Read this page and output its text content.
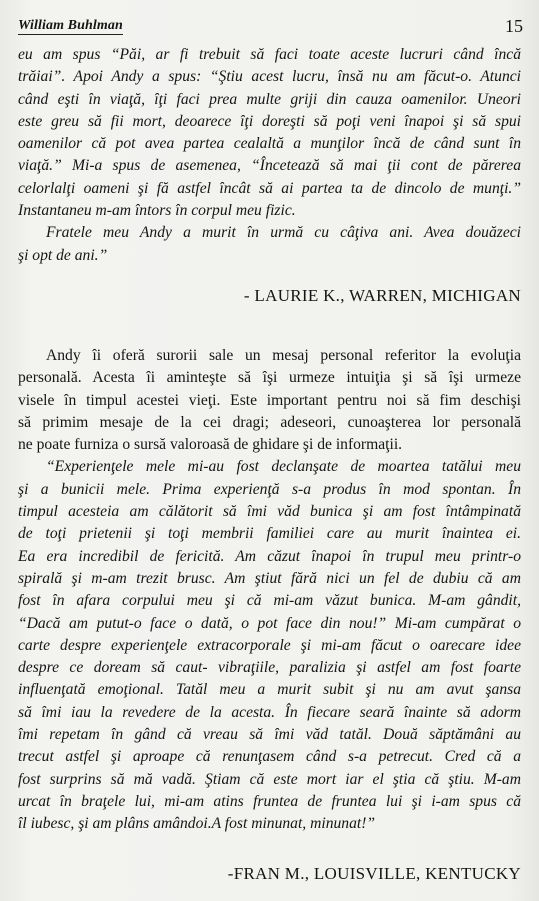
William Buhlman	15
eu am spus “Păi, ar fi trebuit să faci toate aceste lucruri când încă
trăiai”. Apoi Andy a spus: “Ştiu acest lucru, însă nu am făcut-o. Atunci
când eşti în viaţă, îţi faci prea multe griji din cauza oamenilor. Uneori
este greu să fii mort, deoarece îţi doreşti să poţi veni înapoi şi să spui
oamenilor că pot avea partea cealaltă a munţilor încă de când sunt în
viaţă.” Mi-a spus de asemenea, “Încetează să mai ţii cont de părerea
celorlalţi oameni şi fă astfel încât să ai partea ta de dincolo de munţi.”
Instantaneu m-am întors în corpul meu fizic.
Fratele meu Andy a murit în urmă cu câţiva ani. Avea douăzeci
şi opt de ani.”
- LAURIE K., WARREN, MICHIGAN
Andy îi oferă surorii sale un mesaj personal referitor la evoluţia
personală. Acesta îi aminteşte să îşi urmeze intuiţia şi să îşi urmeze
visele în timpul acestei vieţi. Este important pentru noi să fim deschişi
să primim mesaje de la cei dragi; adeseori, cunoaşterea lor personală
ne poate furniza o sursă valoroasă de ghidare şi de informaţii.
“Experienţele mele mi-au fost declanşate de moartea tatălui meu
şi a bunicii mele. Prima experienţă s-a produs în mod spontan. În
timpul acesteia am călătorit să îmi văd bunica şi am fost întâmpinată
de toţi prietenii şi toţi membrii familiei care au murit înaintea ei.
Ea era incredibil de fericită. Am căzut înapoi în trupul meu printr-o
spirală şi m-am trezit brusc. Am ştiut fără nici un fel de dubiu că am
fost în afara corpului meu şi că mi-am văzut bunica. M-am gândit,
“Dacă am putut-o face o dată, o pot face din nou!” Mi-am cumpărat o
carte despre experienţele extracorporale şi mi-am făcut o oarecare idee
despre ce doream să caut- vibraţiile, paralizia şi astfel am fost foarte
influenţată emoţional. Tatăl meu a murit subit şi nu am avut şansa
să îmi iau la revedere de la acesta. În fiecare seară înainte să adorm
îmi repetam în gând că vreau să îmi văd tatăl. Două săptămâni au
trecut astfel şi aproape că renunţasem când s-a petrecut. Cred că a
fost surprins să mă vadă. Ştiam că este mort iar el ştia că ştiu. M-am
urcat în braţele lui, mi-am atins fruntea de fruntea lui şi i-am spus că
îl iubesc, şi am plâns amândoi.A fost minunat, minunat!”
-FRAN M., LOUISVILLE, KENTUCKY
